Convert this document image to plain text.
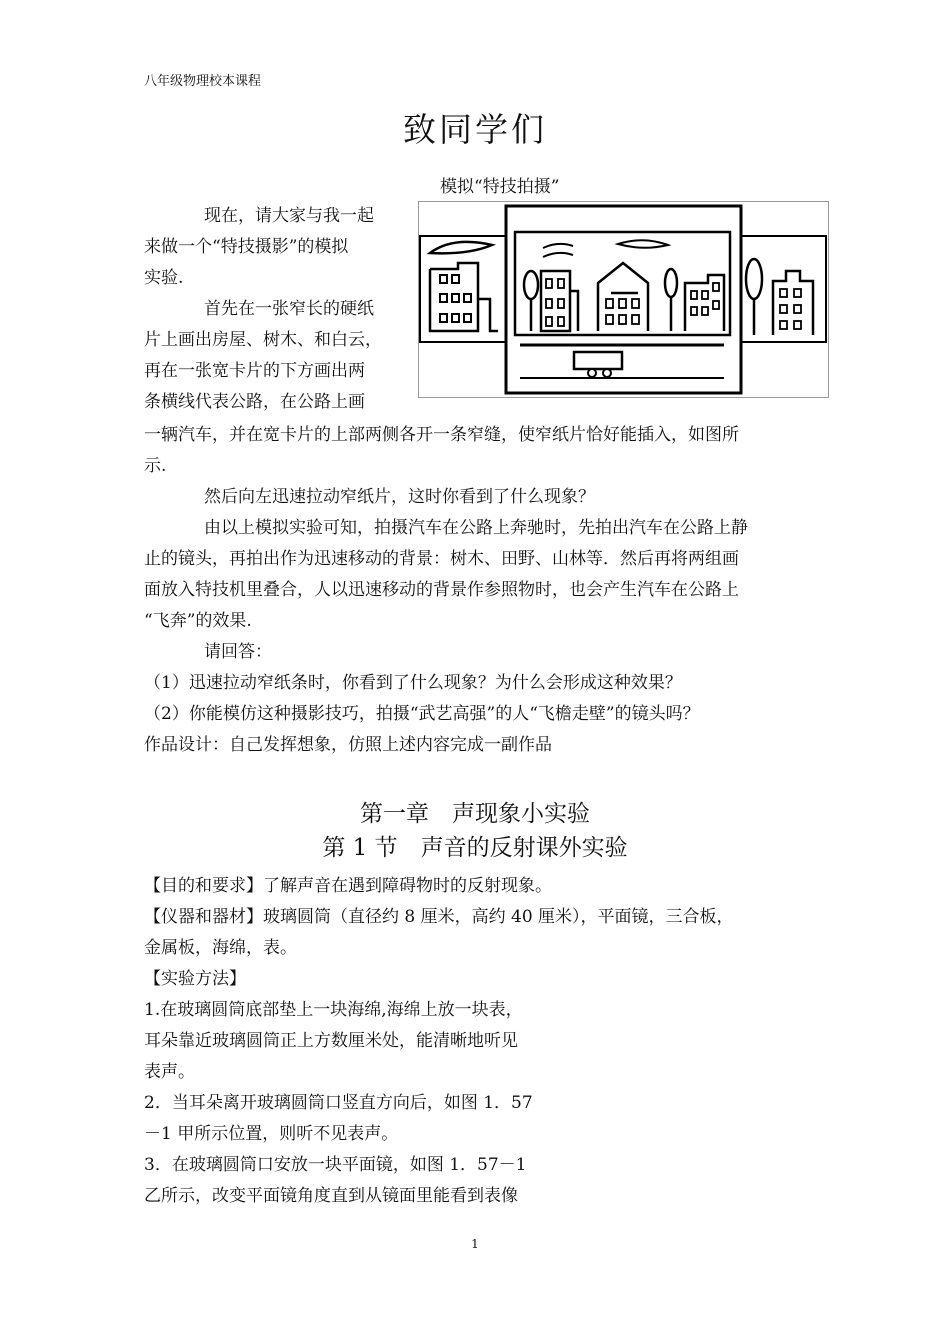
八年级物理校本课程
致同学们
模拟“特技拍摄”

现在，请大家与我一起

来做一个“特技摄影”的模拟

实验.

首先在一张窄长的硬纸

片上画出房屋、树木、和白云，

再在一张宽卡片的下方画出两

条横线代表公路，在公路上画

一辆汽车，并在宽卡片的上部两侧各开一条窄缝，使窄纸片恰好能插入，如图所

示.

然后向左迅速拉动窄纸片，这时你看到了什么现象？

由以上模拟实验可知，拍摄汽车在公路上奔驰时，先拍出汽车在公路上静

止的镜头，再拍出作为迅速移动的背景：树木、田野、山林等．然后再将两组画

面放入特技机里叠合，人以迅速移动的背景作参照物时，也会产生汽车在公路上

“飞奔”的效果.

请回答：

（1）迅速拉动窄纸条时，你看到了什么现象？为什么会形成这种效果？

（2）你能模仿这种摄影技巧，拍摄“武艺高强”的人“飞檐走壁”的镜头吗？

作品设计：自己发挥想象，仿照上述内容完成一副作品

第一章　声现象小实验
第 1 节　声音的反射课外实验

【目的和要求】了解声音在遇到障碍物时的反射现象。

【仪器和器材】玻璃圆筒（直径约 8 厘米，高约 40 厘米），平面镜，三合板，

金属板，海绵，表。

【实验方法】

1.在玻璃圆筒底部垫上一块海绵,海绵上放一块表，

耳朵靠近玻璃圆筒正上方数厘米处，能清晰地听见

表声。

2．当耳朵离开玻璃圆筒口竖直方向后，如图 1．57

－1 甲所示位置，则听不见表声。

3．在玻璃圆筒口安放一块平面镜，如图 1．57－1

乙所示，改变平面镜角度直到从镜面里能看到表像

1
